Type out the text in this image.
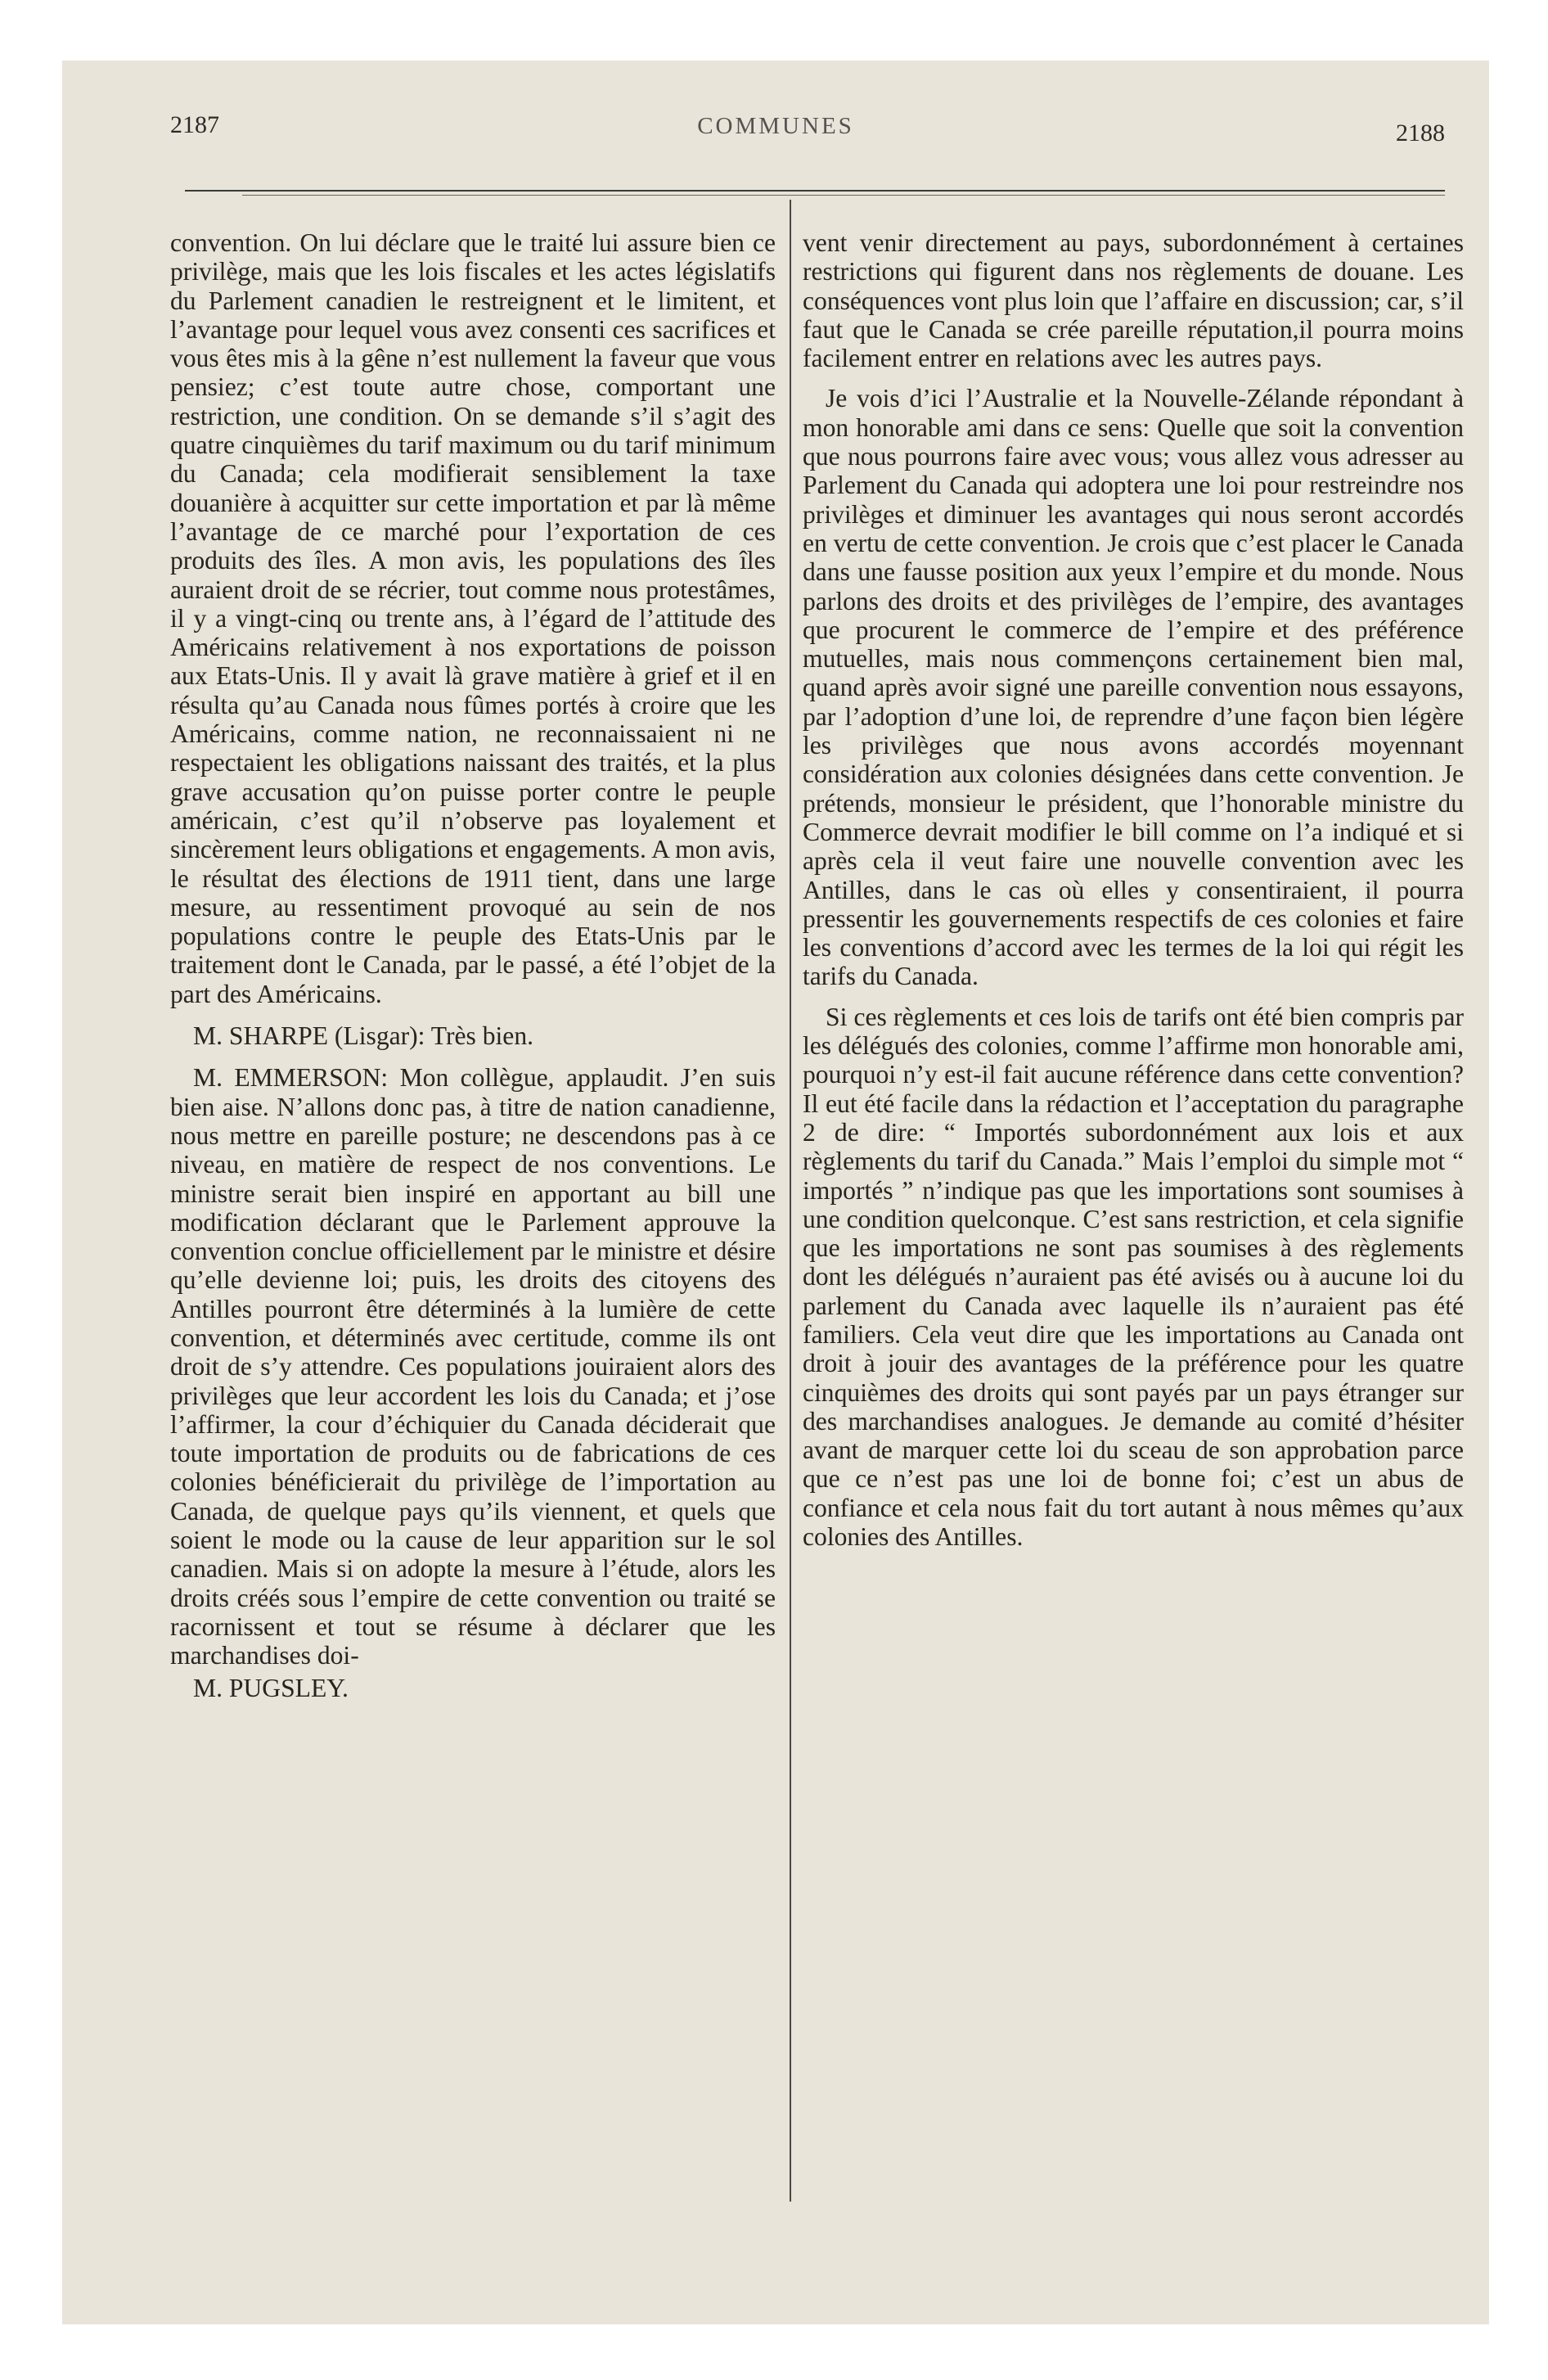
2187	COMMUNES	2188

convention. On lui déclare que le traité lui assure bien ce privilège, mais que les lois fiscales et les actes législatifs du Parlement canadien le restreignent et le limitent, et l’avantage pour lequel vous avez consenti ces sacrifices et vous êtes mis à la gêne n’est nullement la faveur que vous pensiez; c’est toute autre chose, comportant une restriction, une condition. On se demande s’il s’agit des quatre cinquièmes du tarif maximum ou du tarif minimum du Canada; cela modifierait sensiblement la taxe douanière à acquitter sur cette importation et par là même l’avantage de ce marché pour l’exportation de ces produits des îles. A mon avis, les populations des îles auraient droit de se récrier, tout comme nous protestâmes, il y a vingt-cinq ou trente ans, à l’égard de l’attitude des Américains relativement à nos exportations de poisson aux Etats-Unis. Il y avait là grave matière à grief et il en résulta qu’au Canada nous fûmes portés à croire que les Américains, comme nation, ne reconnaissaient ni ne respectaient les obligations naissant des traités, et la plus grave accusation qu’on puisse porter contre le peuple américain, c’est qu’il n’observe pas loyalement et sincèrement leurs obligations et engagements. A mon avis, le résultat des élections de 1911 tient, dans une large mesure, au ressentiment provoqué au sein de nos populations contre le peuple des Etats-Unis par le traitement dont le Canada, par le passé, a été l’objet de la part des Américains.

M. SHARPE (Lisgar): Très bien.

M. EMMERSON: Mon collègue, applaudit. J’en suis bien aise. N’allons donc pas, à titre de nation canadienne, nous mettre en pareille posture; ne descendons pas à ce niveau, en matière de respect de nos conventions. Le ministre serait bien inspiré en apportant au bill une modification déclarant que le Parlement approuve la convention conclue officiellement par le ministre et désire qu’elle devienne loi; puis, les droits des citoyens des Antilles pourront être déterminés à la lumière de cette convention, et déterminés avec certitude, comme ils ont droit de s’y attendre. Ces populations jouiraient alors des privilèges que leur accordent les lois du Canada; et j’ose l’affirmer, la cour d’échiquier du Canada déciderait que toute importation de produits ou de fabrications de ces colonies bénéficierait du privilège de l’importation au Canada, de quelque pays qu’ils viennent, et quels que soient le mode ou la cause de leur apparition sur le sol canadien. Mais si on adopte la mesure à l’étude, alors les droits créés sous l’empire de cette convention ou traité se racornissent et tout se résume à déclarer que les marchandises doi-

M. PUGSLEY.

vent venir directement au pays, subordonnément à certaines restrictions qui figurent dans nos règlements de douane. Les conséquences vont plus loin que l’affaire en discussion; car, s’il faut que le Canada se crée pareille réputation,il pourra moins facilement entrer en relations avec les autres pays.

Je vois d’ici l’Australie et la Nouvelle-Zélande répondant à mon honorable ami dans ce sens: Quelle que soit la convention que nous pourrons faire avec vous; vous allez vous adresser au Parlement du Canada qui adoptera une loi pour restreindre nos privilèges et diminuer les avantages qui nous seront accordés en vertu de cette convention. Je crois que c’est placer le Canada dans une fausse position aux yeux l’empire et du monde. Nous parlons des droits et des privilèges de l’empire, des avantages que procurent le commerce de l’empire et des préférence mutuelles, mais nous commençons certainement bien mal, quand après avoir signé une pareille convention nous essayons, par l’adoption d’une loi, de reprendre d’une façon bien légère les privilèges que nous avons accordés moyennant considération aux colonies désignées dans cette convention. Je prétends, monsieur le président, que l’honorable ministre du Commerce devrait modifier le bill comme on l’a indiqué et si après cela il veut faire une nouvelle convention avec les Antilles, dans le cas où elles y consentiraient, il pourra pressentir les gouvernements respectifs de ces colonies et faire les conventions d’accord avec les termes de la loi qui régit les tarifs du Canada.

Si ces règlements et ces lois de tarifs ont été bien compris par les délégués des colonies, comme l’affirme mon honorable ami, pourquoi n’y est-il fait aucune référence dans cette convention? Il eut été facile dans la rédaction et l’acceptation du paragraphe 2 de dire: “ Importés subordonnément aux lois et aux règlements du tarif du Canada.” Mais l’emploi du simple mot “ importés ” n’indique pas que les importations sont soumises à une condition quelconque. C’est sans restriction, et cela signifie que les importations ne sont pas soumises à des règlements dont les délégués n’auraient pas été avisés ou à aucune loi du parlement du Canada avec laquelle ils n’auraient pas été familiers. Cela veut dire que les importations au Canada ont droit à jouir des avantages de la préférence pour les quatre cinquièmes des droits qui sont payés par un pays étranger sur des marchandises analogues. Je demande au comité d’hésiter avant de marquer cette loi du sceau de son approbation parce que ce n’est pas une loi de bonne foi; c’est un abus de confiance et cela nous fait du tort autant à nous mêmes qu’aux colonies des Antilles.
